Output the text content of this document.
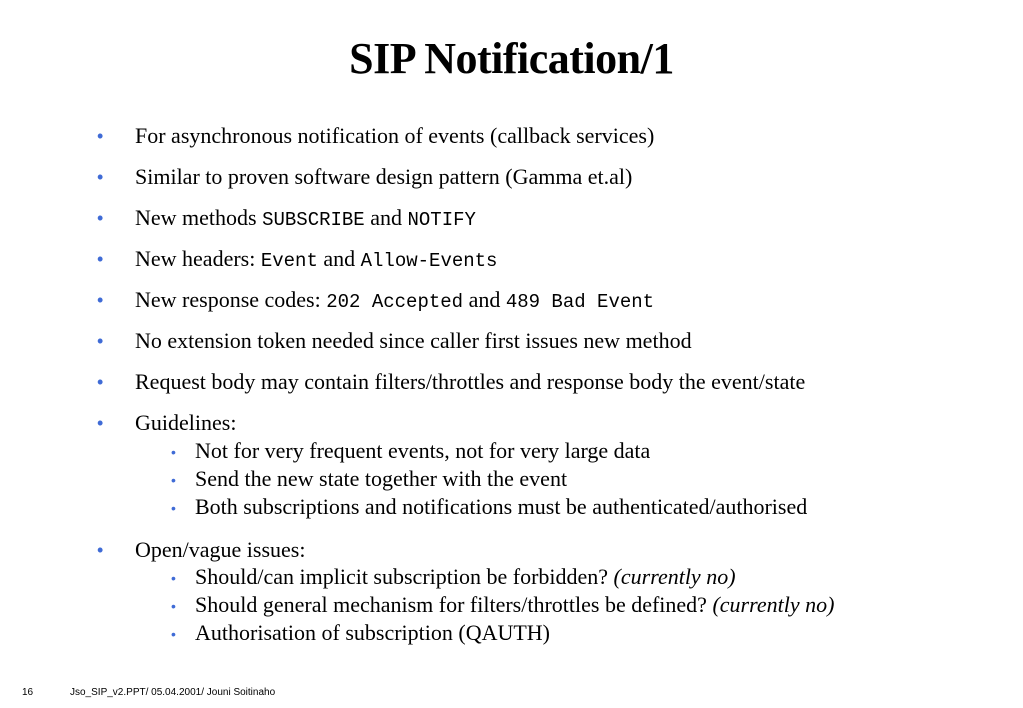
SIP Notification/1
• For asynchronous notification of events (callback services)
• Similar to proven software design pattern (Gamma et.al)
• New methods SUBSCRIBE and NOTIFY
• New headers: Event and Allow-Events
• New response codes: 202 Accepted and 489 Bad Event
• No extension token needed since caller first issues new method
• Request body may contain filters/throttles and response body the event/state
• Guidelines:
• Not for very frequent events, not for very large data
• Send the new state together with the event
• Both subscriptions and notifications must be authenticated/authorised
• Open/vague issues:
• Should/can implicit subscription be forbidden? (currently no)
• Should general mechanism for filters/throttles be defined? (currently no)
• Authorisation of subscription (QAUTH)
16	Jso_SIP_v2.PPT/ 05.04.2001/ Jouni Soitinaho
